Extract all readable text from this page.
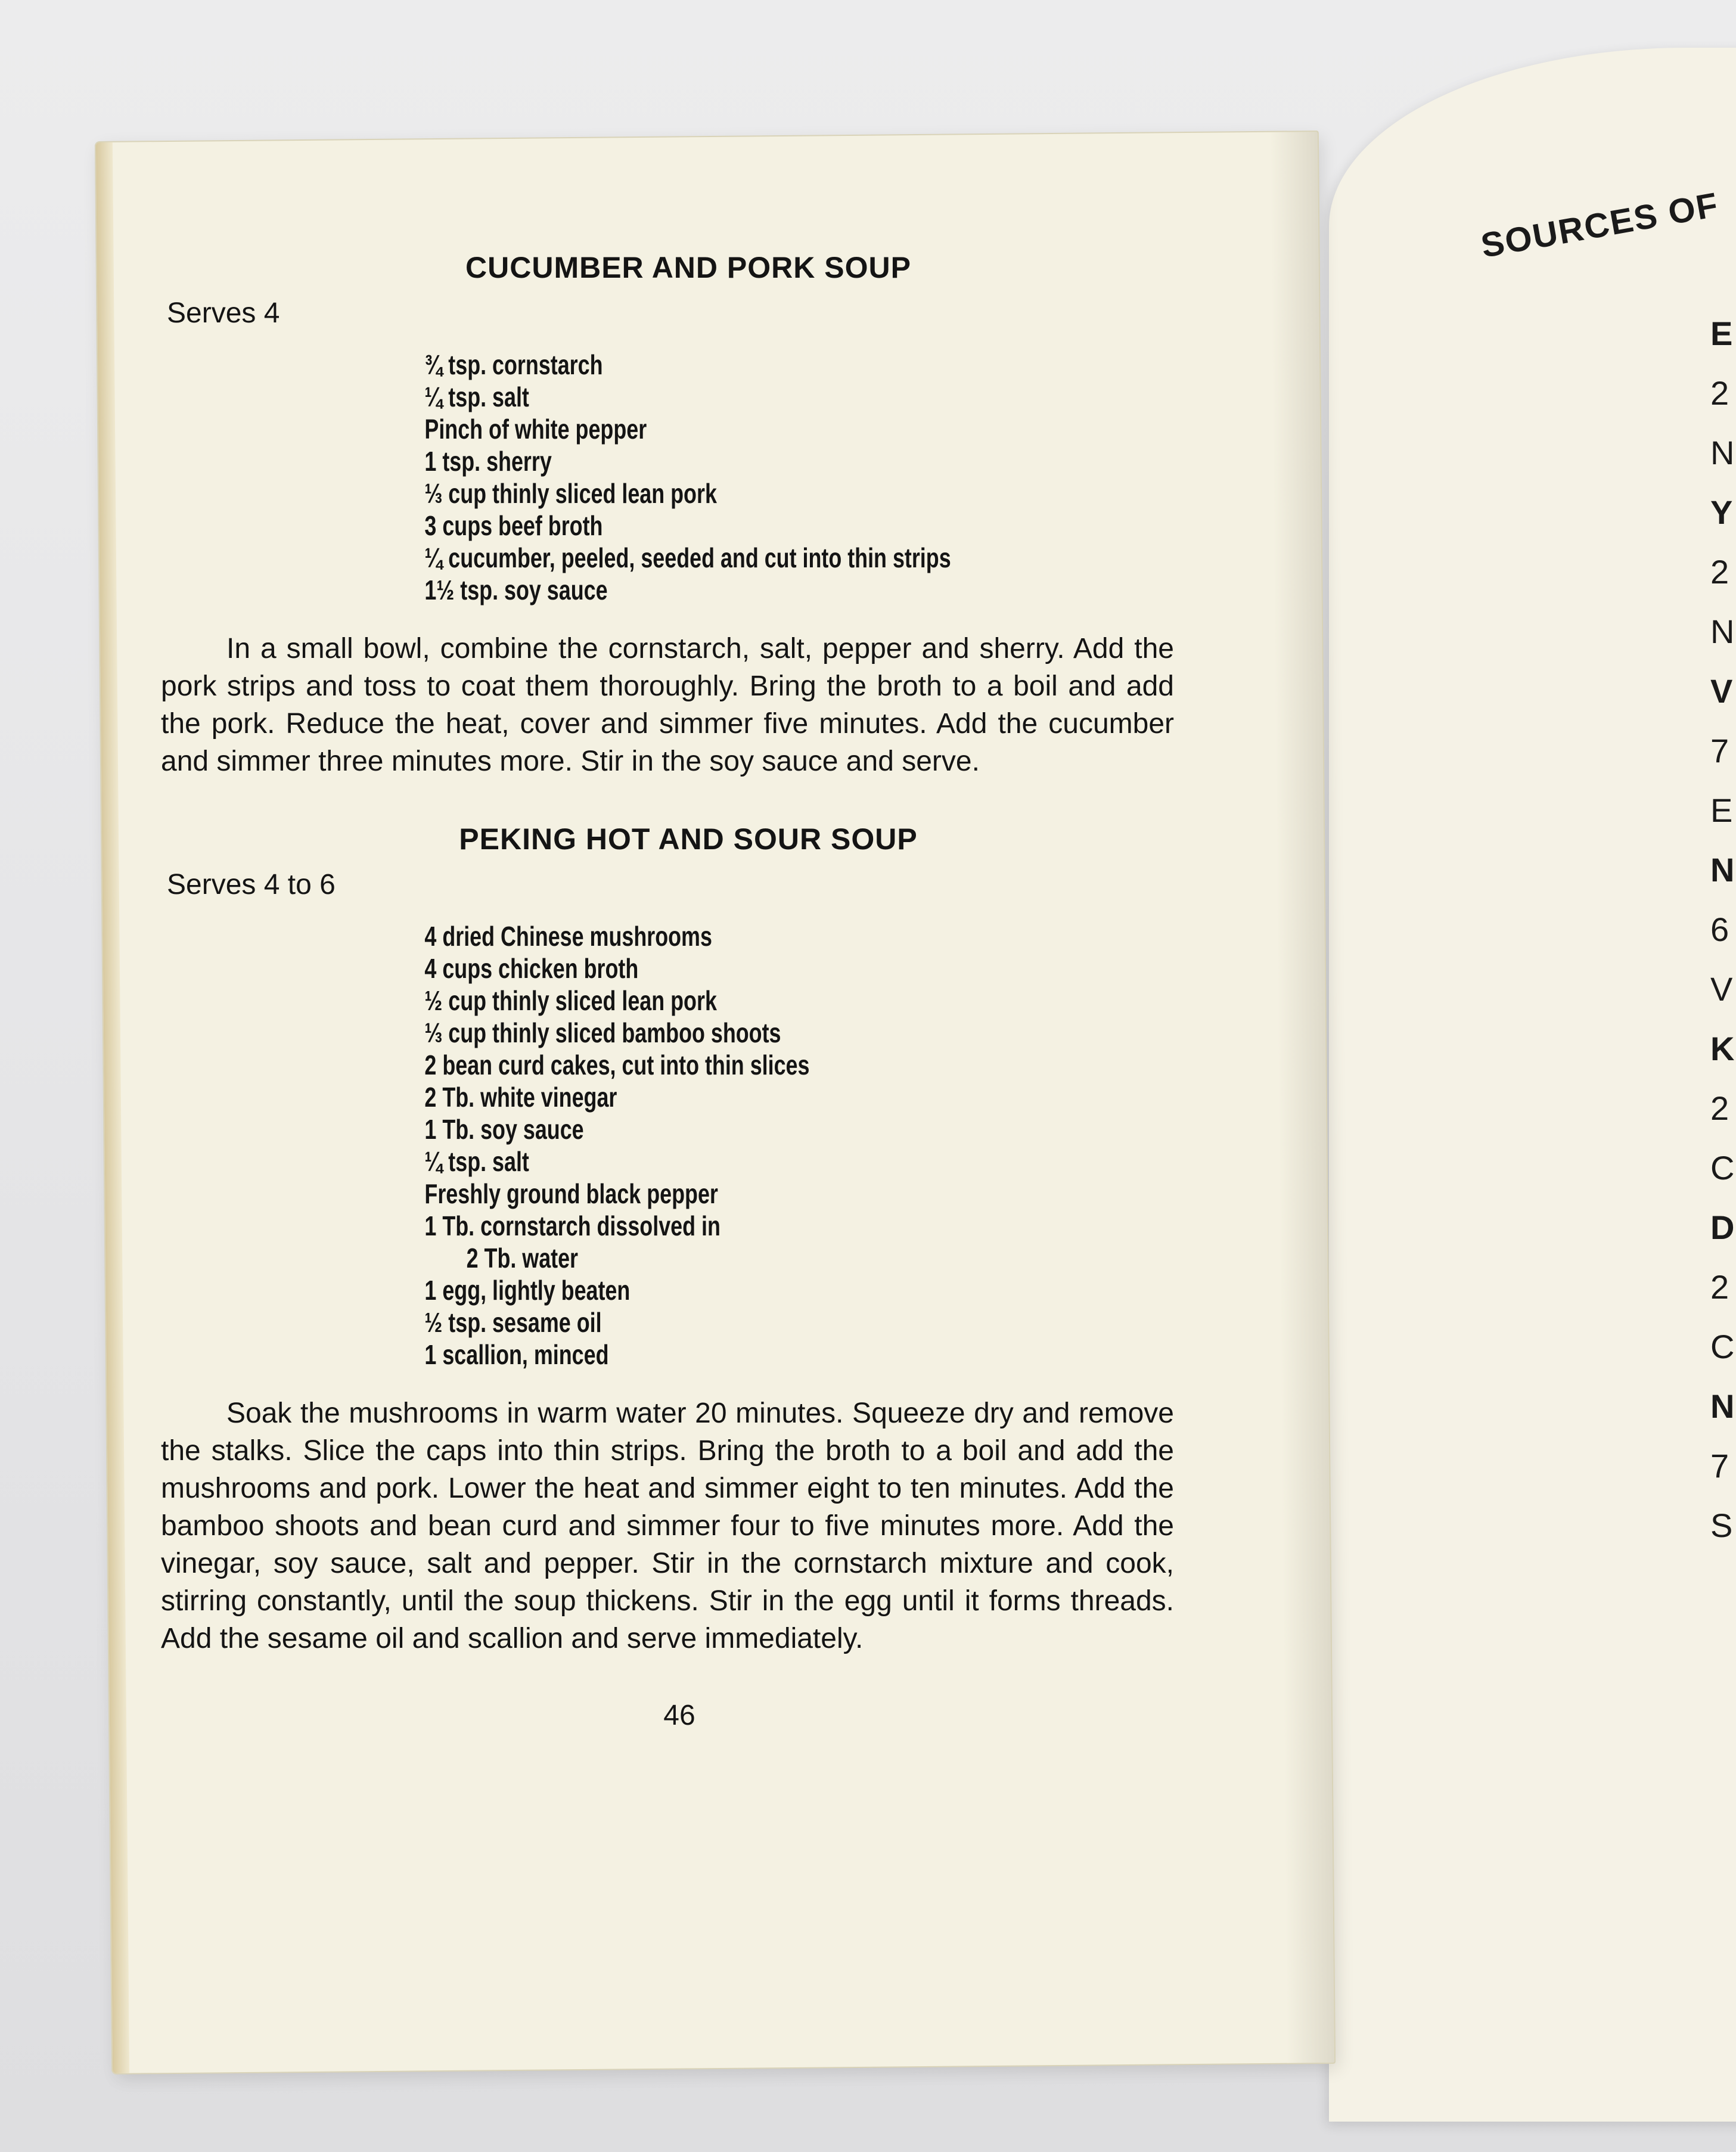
SOURCES OF
E
2
N
Y
2
N
V
7
E
N
6
V
K
2
C
D
2
C
N
7
S
CUCUMBER AND PORK SOUP
Serves 4
¾ tsp. cornstarch
¼ tsp. salt
Pinch of white pepper
1 tsp. sherry
⅓ cup thinly sliced lean pork
3 cups beef broth
¼ cucumber, peeled, seeded and cut into thin strips
1½ tsp. soy sauce

In a small bowl, combine the cornstarch, salt, pepper and sherry. Add the pork strips and toss to coat them thoroughly. Bring the broth to a boil and add the pork. Reduce the heat, cover and simmer five minutes. Add the cucumber and simmer three minutes more. Stir in the soy sauce and serve.

PEKING HOT AND SOUR SOUP
Serves 4 to 6
4 dried Chinese mushrooms
4 cups chicken broth
½ cup thinly sliced lean pork
⅓ cup thinly sliced bamboo shoots
2 bean curd cakes, cut into thin slices
2 Tb. white vinegar
1 Tb. soy sauce
¼ tsp. salt
Freshly ground black pepper
1 Tb. cornstarch dissolved in
2 Tb. water
1 egg, lightly beaten
½ tsp. sesame oil
1 scallion, minced

Soak the mushrooms in warm water 20 minutes. Squeeze dry and remove the stalks. Slice the caps into thin strips. Bring the broth to a boil and add the mushrooms and pork. Lower the heat and simmer eight to ten minutes. Add the bamboo shoots and bean curd and simmer four to five minutes more. Add the vinegar, soy sauce, salt and pepper. Stir in the cornstarch mixture and cook, stirring constantly, until the soup thickens. Stir in the egg until it forms threads. Add the sesame oil and scallion and serve immediately.

46
